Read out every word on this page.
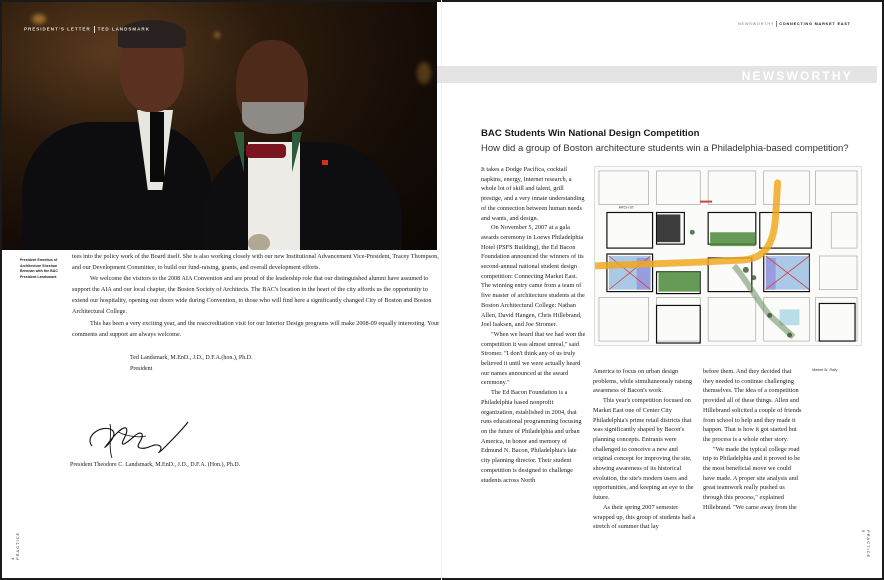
PRESIDENT'S LETTER TED LANDSMARK
President Emeritus of Architecture Sheehan Brennan with the BAC President Landsmark

tees into the policy work of the Board itself. She is also working closely with our new Institutional Advancement Vice-President, Tracey Thompson, and our Development Committee, to build our fund-raising, grants, and overall development efforts.

We welcome the visitors to the 2008 AIA Convention and are proud of the leadership role that our distinguished alumni have assumed to support the AIA and our local chapter, the Boston Society of Architects. The BAC's location in the heart of the city affords us the opportunity to extend our hospitality, opening our doors wide during Convention, to those who will find here a significantly changed City of Boston and Boston Architectural College.

This has been a very exciting year, and the reaccreditation visit for our Interior Design programs will make 2008-09 equally interesting. Your comments and support are always welcome.

Ted Landsmark, M.EnD., J.D., D.F.A.(hon.), Ph.D.
President
President Theodore C. Landsmark, M.EnD., J.D., D.F.A. (Hon.), Ph.D.
4 PRACTICE
NEWSWORTHY CONNECTING MARKET EAST
NEWSWORTHY
BAC Students Win National Design Competition
How did a group of Boston architecture students win a Philadelphia-based competition?

It takes a Dodge Pacifica, cocktail napkins, energy, Internet research, a whole lot of skill and talent, grill prestige, and a very innate understanding of the connection between human needs and wants, and design.

On November 5, 2007 at a gala awards ceremony in Loews Philadelphia Hotel (PSFS Building), the Ed Bacon Foundation announced the winners of its second-annual national student design competition: Connecting Market East. The winning entry came from a team of five master of architecture students at the Boston Architectural College: Nathan Allen, David Hangen, Chris Hillebrand, Joel Isaksen, and Joe Stromer.

"When we heard that we had won the competition it was almost unreal," said Stromer. "I don't think any of us truly believed it until we were actually heard our names announced at the award ceremony."

The Ed Bacon Foundation is a Philadelphia based nonprofit organization, established in 2004, that runs educational programming focusing on the future of Philadelphia and urban America, in honor and memory of Edmund N. Bacon, Philadelphia's late city planning director. Their student competition is designed to challenge students across North

ARCH ST
Market St. Rally

America to focus on urban design problems, while simultaneously raising awareness of Bacon's work.

This year's competition focused on Market East one of Center City Philadelphia's prime retail districts that was significantly shaped by Bacon's planning concepts. Entrants were challenged to conceive a new and original concept for improving the site, showing awareness of its historical evolution, the site's modern users and opportunities, and keeping an eye to the future.

As their spring 2007 semester wrapped up, this group of students had a stretch of summer that lay

before them. And they decided that they needed to continue challenging themselves. The idea of a competition provided all of these things. Allen and Hillebrand solicited a couple of friends from school to help and they made it happen. That is how it got started but the process is a whole other story.

"We made the typical college road trip to Philadelphia and it proved to be the most beneficial move we could have made. A proper site analysis and great teamwork really pushed us through this process," explained Hillebrand. "We came away from the

PRACTICE 5
